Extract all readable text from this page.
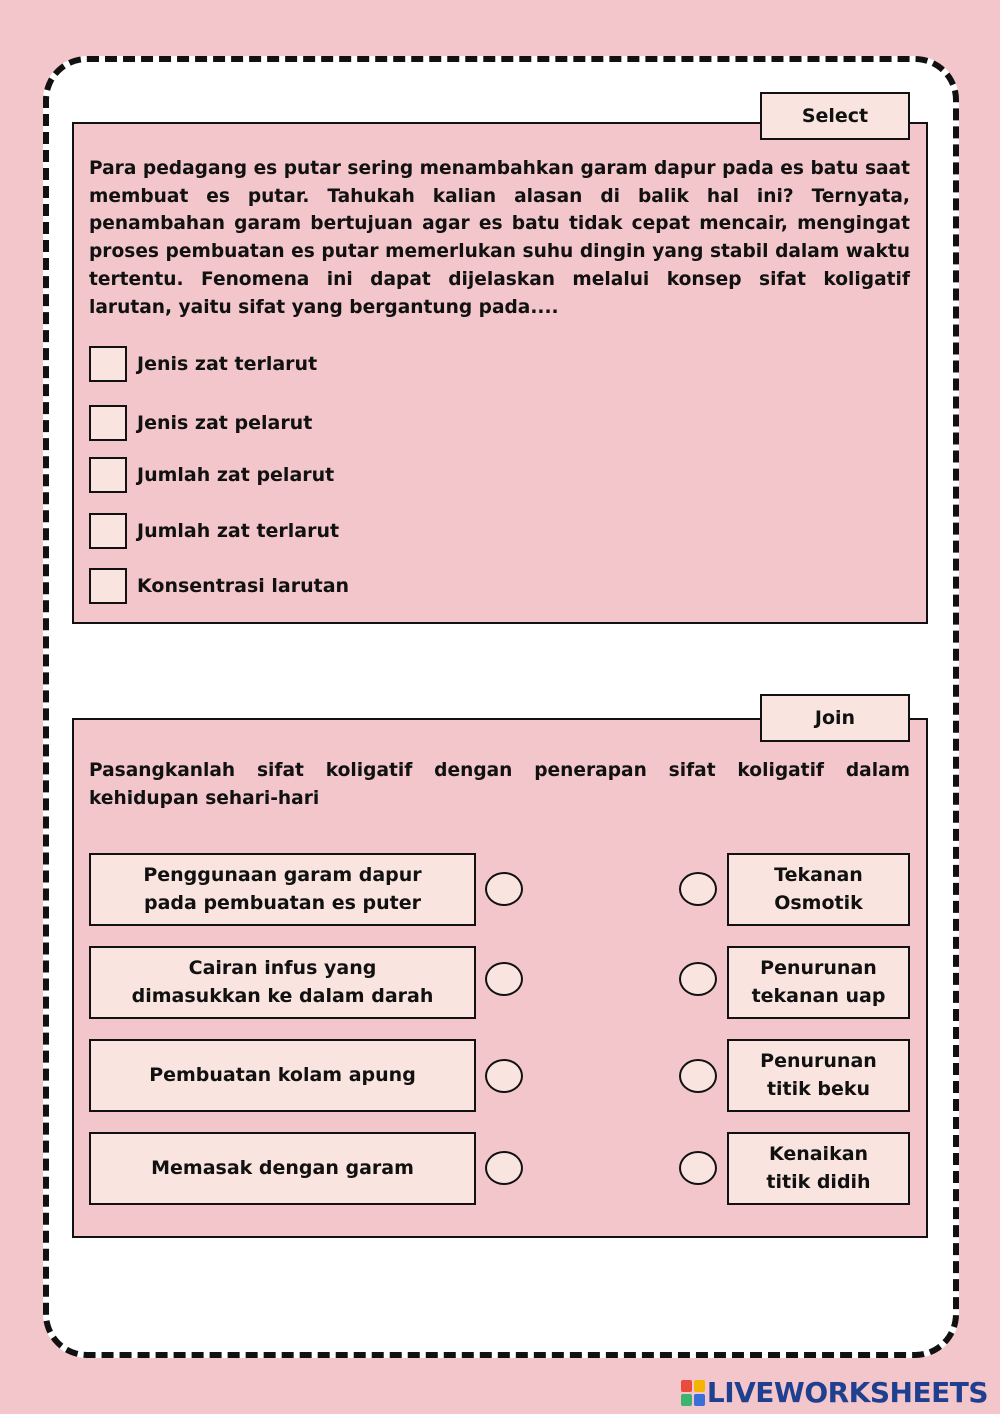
Select

Para pedagang es putar sering menambahkan garam dapur pada es batu saat membuat es putar. Tahukah kalian alasan di balik hal ini? Ternyata, penambahan garam bertujuan agar es batu tidak cepat mencair, mengingat proses pembuatan es putar memerlukan suhu dingin yang stabil dalam waktu tertentu. Fenomena ini dapat dijelaskan melalui konsep sifat koligatif larutan, yaitu sifat yang bergantung pada....

Jenis zat terlarut
Jenis zat pelarut
Jumlah zat pelarut
Jumlah zat terlarut
Konsentrasi larutan
Join

Pasangkanlah sifat koligatif dengan penerapan sifat koligatif dalam kehidupan sehari-hari

Penggunaan garam dapur pada pembuatan es puter
Cairan infus yang dimasukkan ke dalam darah
Pembuatan kolam apung
Memasak dengan garam
Tekanan Osmotik
Penurunan tekanan uap
Penurunan titik beku
Kenaikan titik didih
LIVEWORKSHEETS
